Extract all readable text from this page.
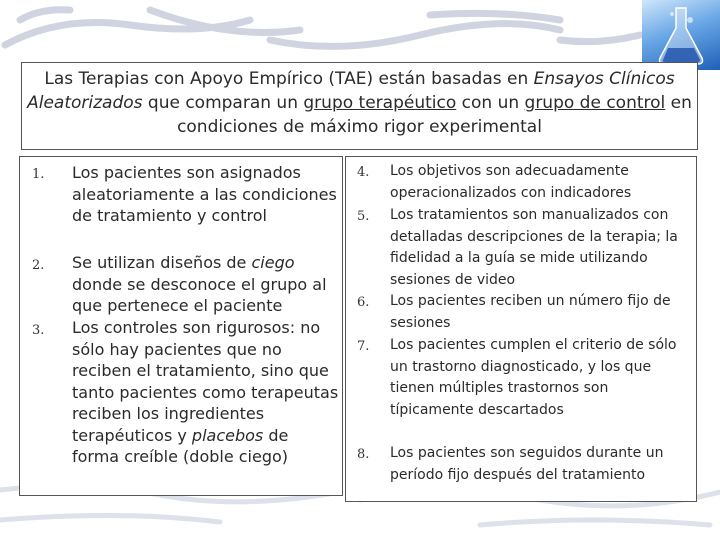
Las Terapias con Apoyo Empírico (TAE) están basadas en Ensayos Clínicos Aleatorizados que comparan un grupo terapéutico con un grupo de control en condiciones de máximo rigor experimental
1. Los pacientes son asignados aleatoriamente a las condiciones de tratamiento y control
2. Se utilizan diseños de ciego donde se desconoce el grupo al que pertenece el paciente
3. Los controles son rigurosos: no sólo hay pacientes que no reciben el tratamiento, sino que tanto pacientes como terapeutas reciben los ingredientes terapéuticos y placebos de forma creíble (doble ciego)
4. Los objetivos son adecuadamente operacionalizados con indicadores
5. Los tratamientos son manualizados con detalladas descripciones de la terapia; la fidelidad a la guía se mide utilizando sesiones de video
6. Los pacientes reciben un número fijo de sesiones
7. Los pacientes cumplen el criterio de sólo un trastorno diagnosticado, y los que tienen múltiples trastornos son típicamente descartados
8. Los pacientes son seguidos durante un período fijo después del tratamiento
